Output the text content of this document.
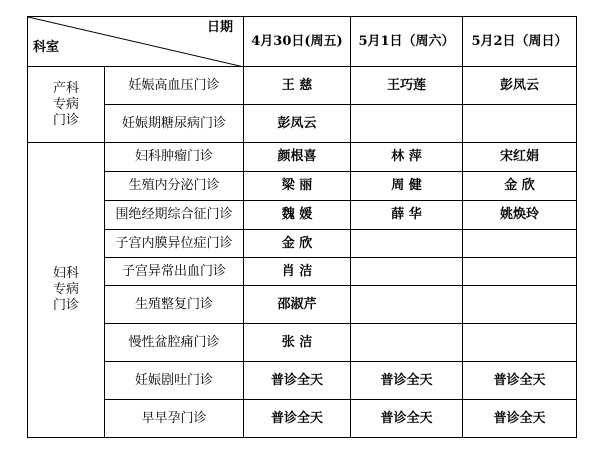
日期
科室		4月30日(周五)	5月1日（周六）	5月2日（周日）

产科
专病
门诊	妊娠高血压门诊	王 慈	王巧莲	彭凤云
	妊娠期糖尿病门诊	彭凤云		

妇科
专病
门诊	妇科肿瘤门诊	颜根喜	林 萍	宋红娟
	生殖内分泌门诊	梁 丽	周 健	金 欣
	围绝经期综合征门诊	魏 媛	薛 华	姚焕玲
	子宫内膜异位症门诊	金 欣		
	子宫异常出血门诊	肖 洁		
	生殖整复门诊	邵淑芹		
	慢性盆腔痛门诊	张 洁		
	妊娠剧吐门诊	普诊全天	普诊全天	普诊全天
	早早孕门诊	普诊全天	普诊全天	普诊全天
